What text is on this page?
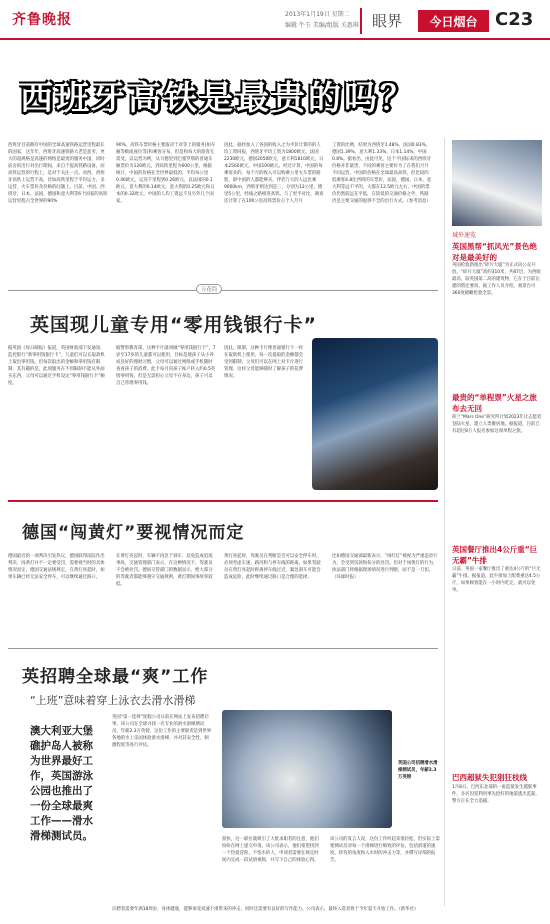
齐鲁晚报	2013年1月19日 星期二
编辑 牛玉 美编/组版 关惠琪 眼界	今日烟台 C23
西班牙高铁是最贵的吗？
西班牙目前拥有中国的全球高速铁路运营里程最长的国家，这年年，西班牙高速铁路大老是恶劣，更大的超规格是高速的网络是最贵的服务中国，同时宿舍的出行对出行期间，来自于提高铁路设备，而高铁运营的行程上，是对于关注一点。对西，西班牙高铁上运营不高，比如高铁里程于平均运力，多运营，火车票价及价格的问题上。目前，中国、西班牙、日本、法国、德国和意大利等6个国家的高铁运营里程占全世界的90%
90%，高铁车票价格主要取决于对等上的服务(如车厢等级或座位等)和乘客分布，但是和每大的旅客无需受。以运营为例，从马德里到巴塞罗那的普通车厢票价为120欧元，到高铁里程为600公里。根据统计，中国的价格在全世界最低的，平均每公里0.46欧元，运送千里程到0.26欧元，以法国的0.1欧元，意大利的0.14欧元，意大利的0.25欧元和日本的0.32欧元，中国的人均工资远不及另外几个国家。
因此，据经加入了各国的收入之为平价计算的的人均工资回报，西班牙平均工资为1800欧元，法国2230欧元，德国2050欧元，意大利1810欧元，日本2560欧元，中国100欧元。经过计算，中国的每乘客业的、每个月的收入可以购乘公里火车票的路程，即中国的人都能够买，伴侣与大的人远比乘9000km，西班牙则达到是三，分别为12公里，德里5公里，经线之路相进高铁。与了更平对比，调查还计算了在100公里高铁票价占个人月月
工资的比例，结果为西班牙1.48%，法国0.83%，德国1.39%，意大利1.33%，日本1.14%，中国0.8%。据看出，由此可见，这个不国际来的西班牙价格并非最贵，不同的乘客主要价为了在我们月月不同运营，中国的价格在全球最高高铁，但比较的低乘客4.8比西班的车票价，法国，德国，日本，意大利等远不平的，大都在12.5欧元左右，中国的票价仍然较远在平低，在较低的交通价格之外，铁路仍是主要交通的提供不全的出行方式。（参考消息）
域外速览
英国黑帮“抓风光”景色绝对是最美好的
英国伦敦新推出“碎片大厦”为正式向公众开放。“碎片大厦”高约310米，共87层，为西欧最高，较英国第二高的建筑物，它在于目前在建的塔还要高，据工作人员介绍，观景台可360度俯瞰伦敦全景。
最贵的“单程票”火星之旅布去无回
荷兰“Mars One”研究所计划2023年让志愿者登陆火星，建立人类聚居地。据报道，目前已有超过8万人报名参加这项单程之旅。
英国餐厅推出4公斤重“巨无霸”牛排
日前，英国一家餐厅推出了重达4公斤的“巨无霸”牛排。据报道，此牛排加上配菜重达4.5公斤，如果顾客能在一小时内吃完，就可以免单。
巴西超狱失犯猖狂枝线
1月8日，巴西东北部的一座监狱发生越狱事件，多名囚犯利用事先挖好的地道逃出监狱，警方正在全力追捕。
万花筒
英国现儿童专用“零用钱银行卡”
据英国《每日邮报》报道，英国财政部下发通知，监控银行“新零用钱银行卡”，儿童们可以在取款机上取出零用钱，但每次取出的金额和零用钱有限制；其有趣的是，此项服务在不到限制不能从外面买东西，父母可以通过手机设定“零用钱银行卡”额度。
据警察教育部，这种卡片就叫做“零用钱银行卡”，7岁至17岁的儿童都可以使用，目标是使孩子从小养成良好的理财习惯，父母可以通过网络或手机随时查看孩子的消费。此卡每月向孩子账户转入约0.5英镑零用钱，但是无需担心父母不在身边，孩子可以自己管理零用钱。
因此，限制，这种卡片像普通银行卡一样在取款机上使用，每一次提取的金额都会受到限制，父母们可以在网上对卡片进行管理，这样父母能够随时了解孩子的花费情况。
德国“闯黄灯”要视情况而定
德国最近的一项判决引发热议，德国联邦法院作出判决，闯黄灯并不一定要受罚，需要视当时的具体情况而定。德国交通法规规定，在黄灯亮起时，如果车辆已经无法安全停车，可以继续通过路口。
在黄灯亮起时，车辆不再急于刹车，以免造成追尾事故，交通管理部门表示，在这种情况下，驾驶员不会被处罚。德国交管部门的数据显示，绝大部分的驾驶者都能够遵守交通规则，黄灯期间事故率较低。
黄灯亮起时，驾驶员在判断是否可以安全停车时，必须考虑车速、路况和与停车线的距离。如果驾驶员在黄灯亮起时距离停车线过近，紧急刹车可能会造成危险，此时继续通过路口是合理的选择。
比如德国交通部最新表示，“闯红灯”被视为严重违章行为，会受到罚款和扣分的处罚。但对于闯黄灯的行为，执法部门将根据现场情况进行判断，而不是一刀切。（环球时报）
英招聘全球最“爽”工作
“上班”意味着穿上泳衣去滑水滑梯
澳大利亚大堡礁护岛人被称为世界最好工作，英国游泳公园也推出了一份全球最爽工作——滑水滑梯测试员。
英国“第一选择”度假公司日前在网站上发布招聘启事，该公司在全球寻找一名专业的滑水滑梯测试员，年薪2.3万英镑，这份工作的主要职责是到世界各地的水上乐园体验滑水滑梯，并对其安全性、刺激程度等进行评估。
英国公司招聘滑水滑梯测试员，年薪2.3万英镑
很快，这一职位就吸引了大批求职者的注意，他们纷纷在网上提交申请。该公司表示，他们希望找到一个热爱冒险、不怕水的人，申请者需要在规定时间内完成一段试滑视频，并写下自己的体验心得。
该公司的发言人说，这份工作听起来很轻松，但实际上需要测试员对每一个滑梯进行细致的评估，包括滑道的速度、转弯的角度和入水时的冲击力等，并撰写详细的报告。
应聘者需要年满18周岁，身体健康，能够承受高速下滑带来的冲击，同时还需要有良好的写作能力。公司表示，最终入选者将于今年夏天开始工作。（新华社）
